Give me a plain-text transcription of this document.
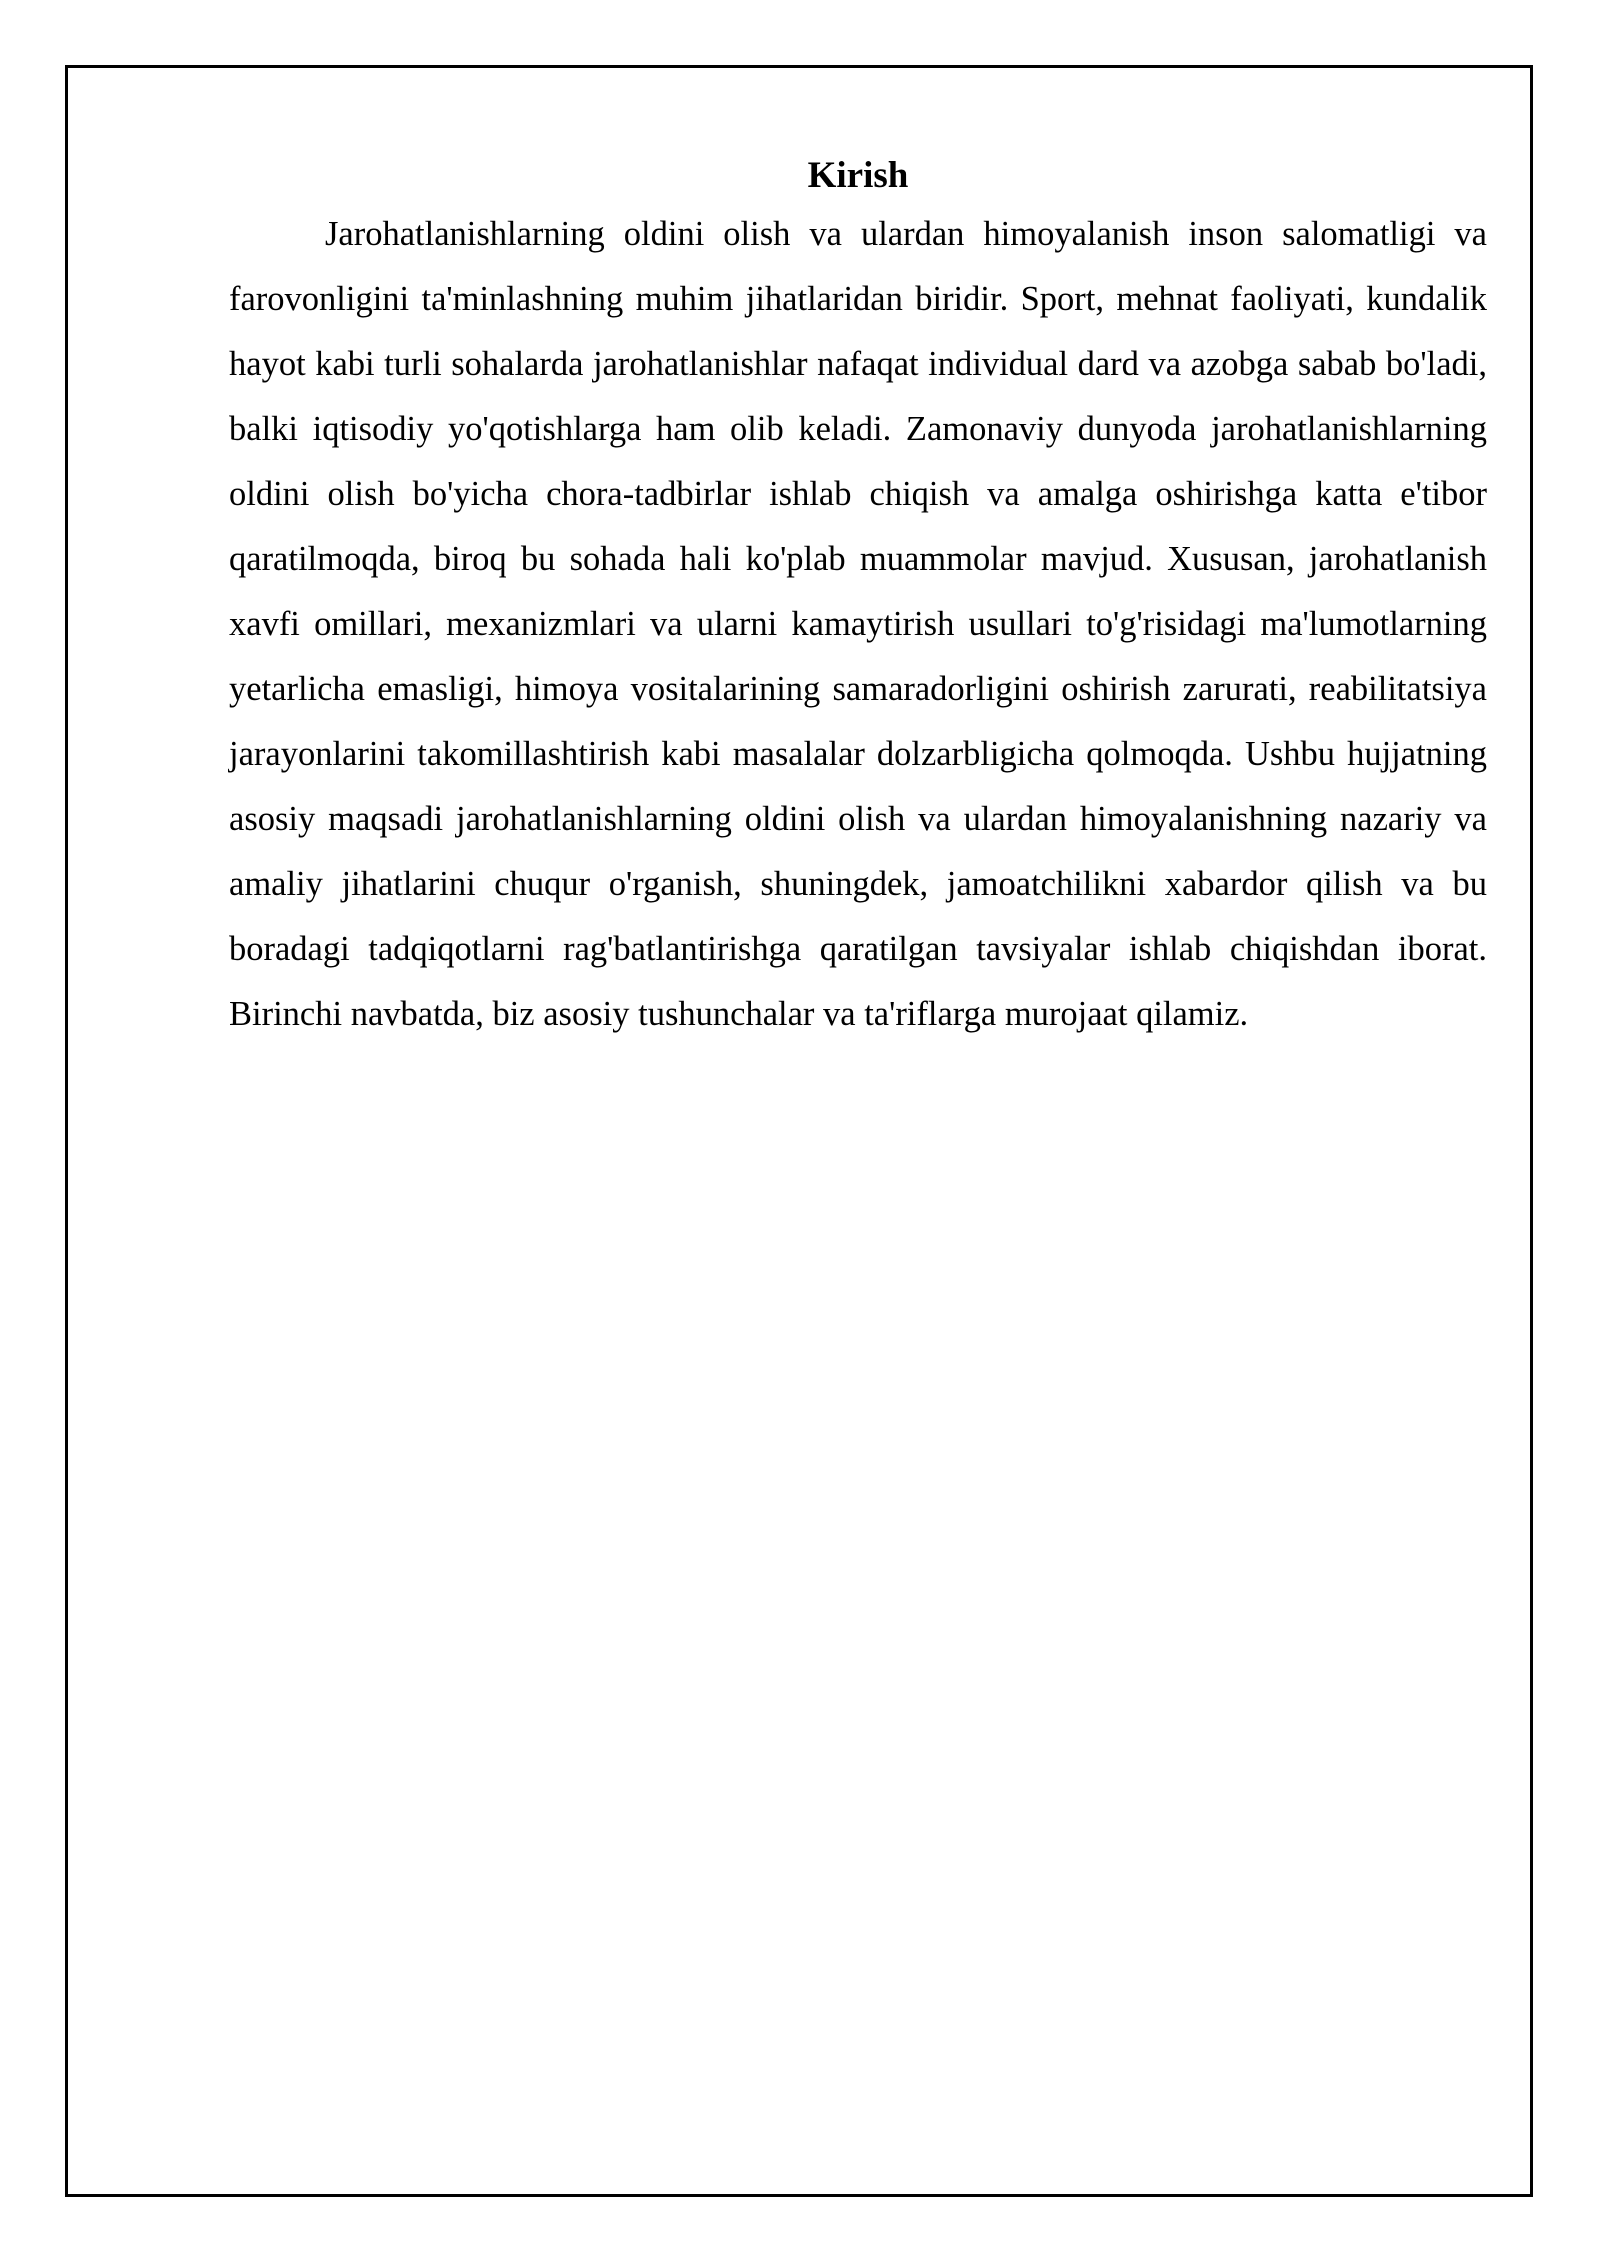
Kirish

Jarohatlanishlarning oldini olish va ulardan himoyalanish inson salomatligi va farovonligini ta'minlashning muhim jihatlaridan biridir. Sport, mehnat faoliyati, kundalik hayot kabi turli sohalarda jarohatlanishlar nafaqat individual dard va azobga sabab bo'ladi, balki iqtisodiy yo'qotishlarga ham olib keladi. Zamonaviy dunyoda jarohatlanishlarning oldini olish bo'yicha chora-tadbirlar ishlab chiqish va amalga oshirishga katta e'tibor qaratilmoqda, biroq bu sohada hali ko'plab muammolar mavjud. Xususan, jarohatlanish xavfi omillari, mexanizmlari va ularni kamaytirish usullari to'g'risidagi ma'lumotlarning yetarlicha emasligi, himoya vositalarining samaradorligini oshirish zarurati, reabilitatsiya jarayonlarini takomillashtirish kabi masalalar dolzarbligicha qolmoqda. Ushbu hujjatning asosiy maqsadi jarohatlanishlarning oldini olish va ulardan himoyalanishning nazariy va amaliy jihatlarini chuqur o'rganish, shuningdek, jamoatchilikni xabardor qilish va bu boradagi tadqiqotlarni rag'batlantirishga qaratilgan tavsiyalar ishlab chiqishdan iborat. Birinchi navbatda, biz asosiy tushunchalar va ta'riflarga murojaat qilamiz.
